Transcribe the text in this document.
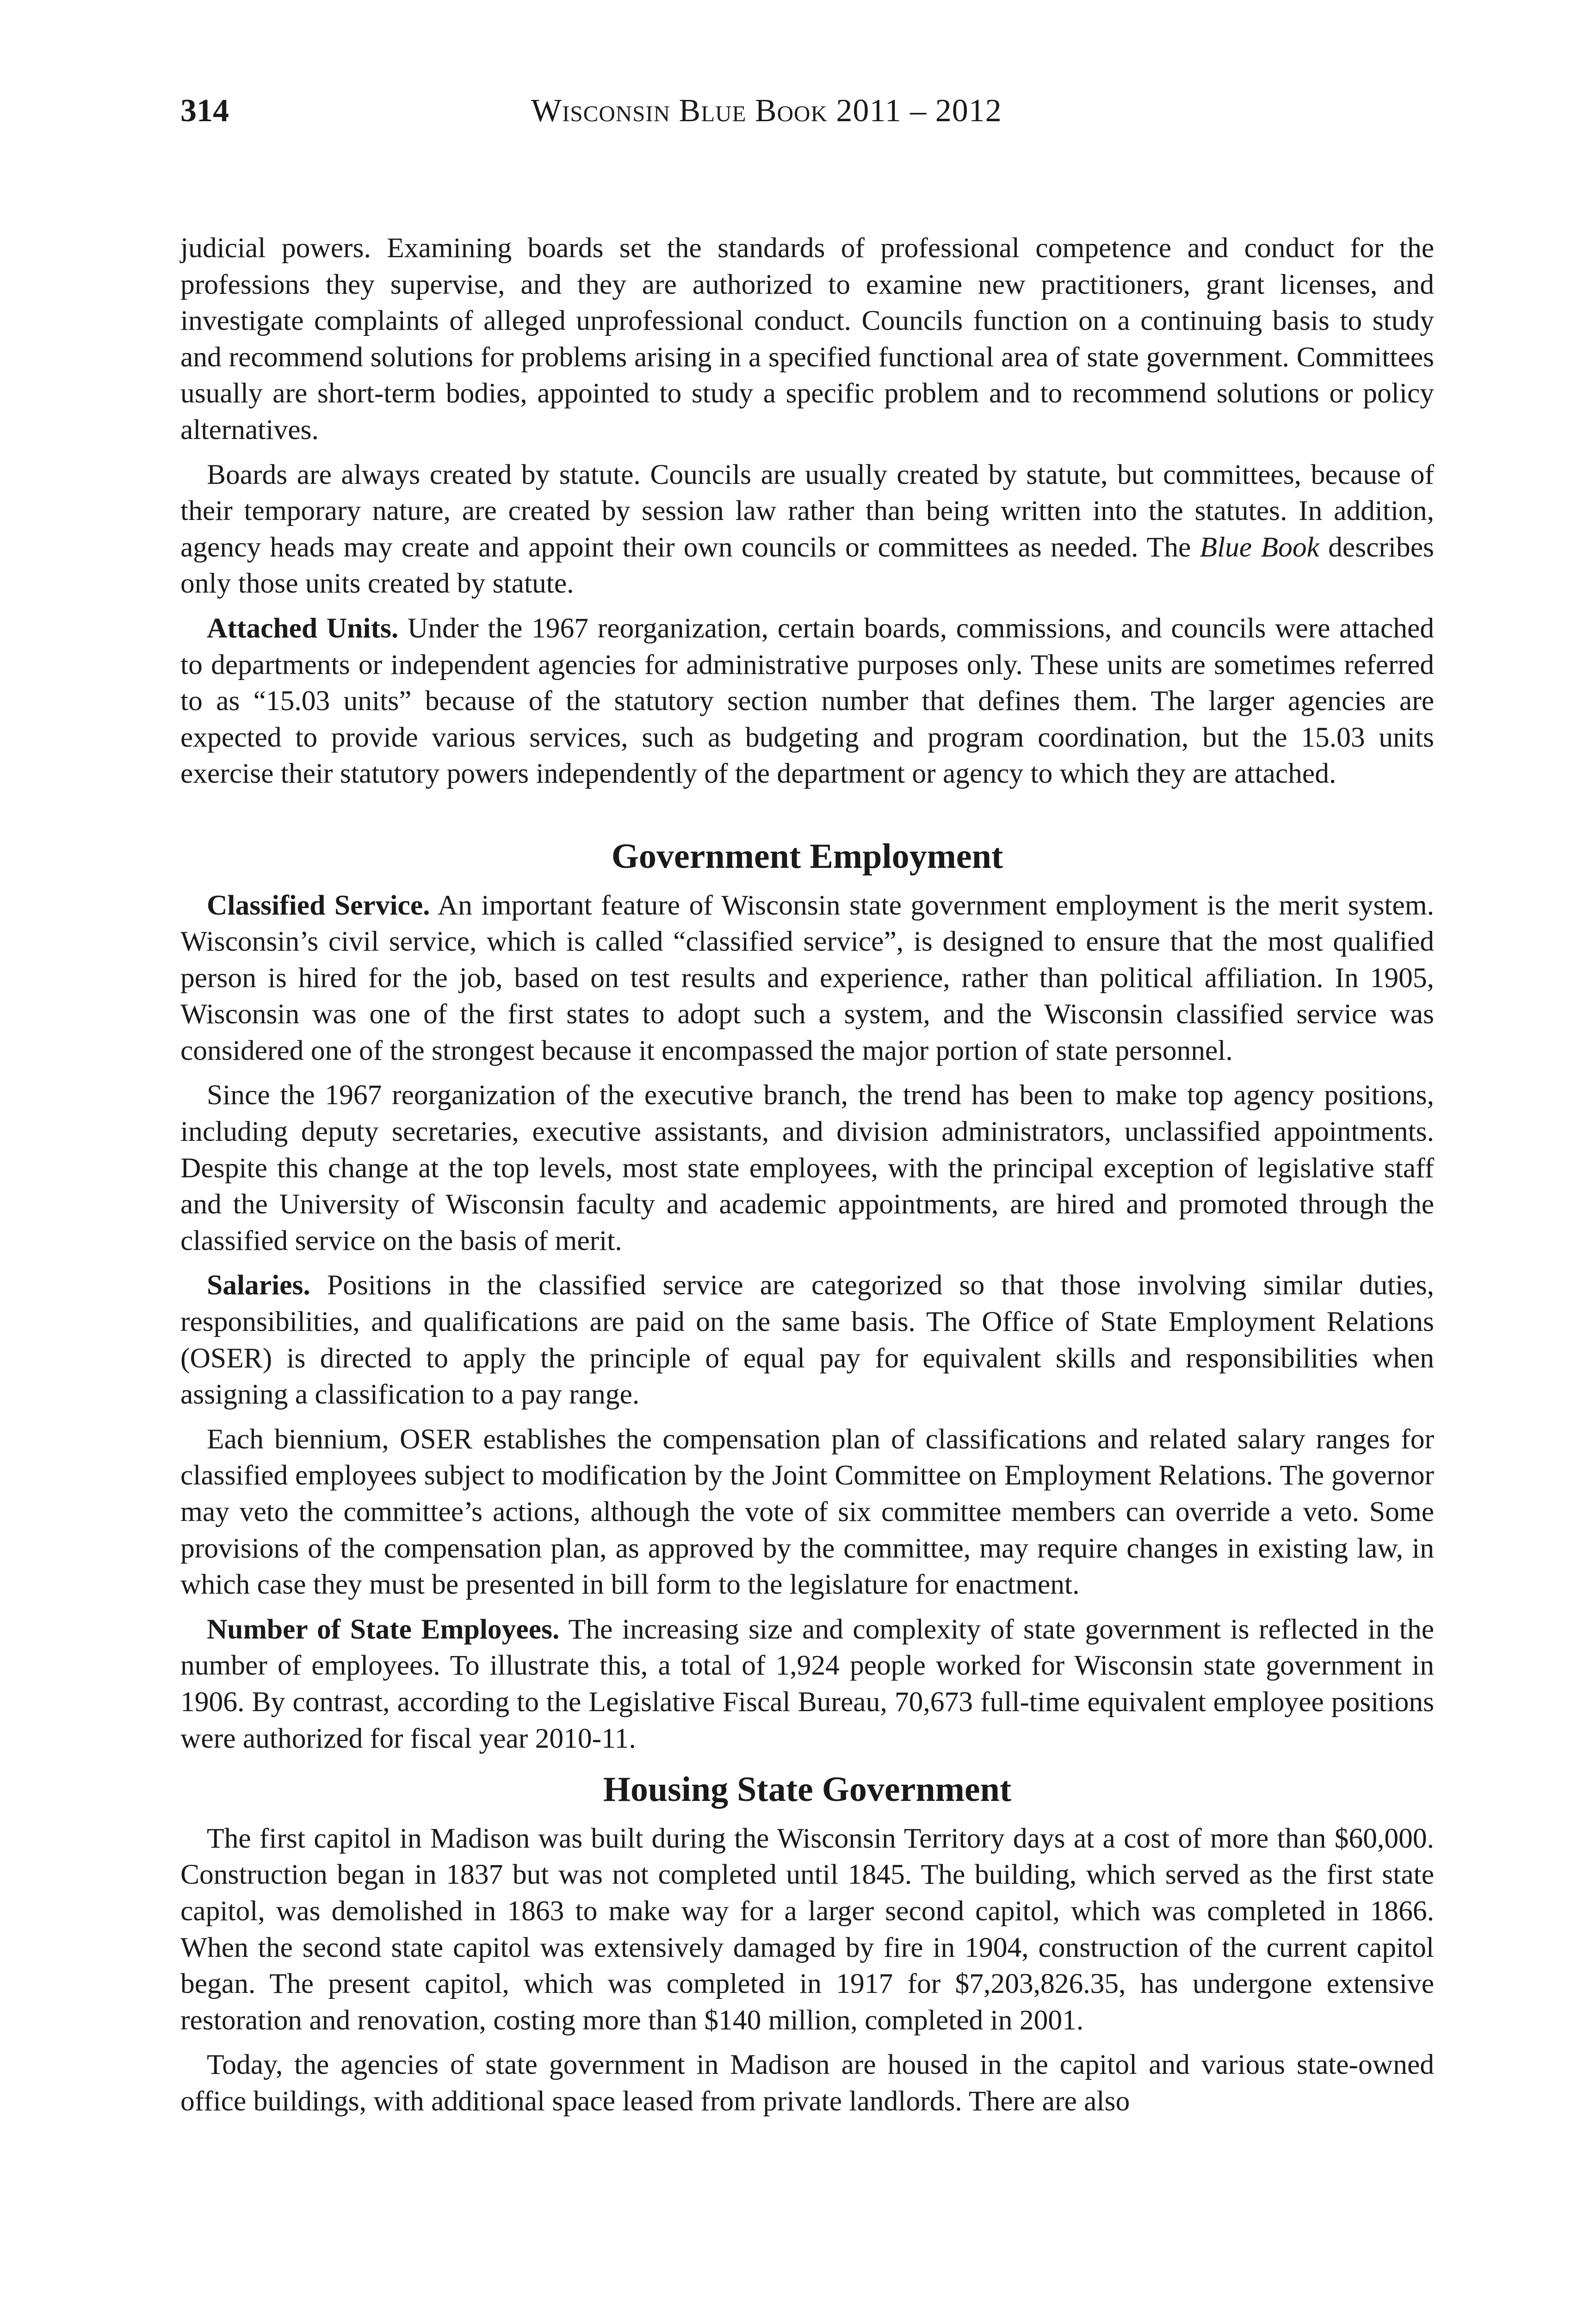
314	Wisconsin Blue Book 2011 – 2012

judicial powers. Examining boards set the standards of professional competence and conduct for the professions they supervise, and they are authorized to examine new practitioners, grant licenses, and investigate complaints of alleged unprofessional conduct. Councils function on a continuing basis to study and recommend solutions for problems arising in a specified functional area of state government. Committees usually are short-term bodies, appointed to study a specific problem and to recommend solutions or policy alternatives.

Boards are always created by statute. Councils are usually created by statute, but committees, because of their temporary nature, are created by session law rather than being written into the statutes. In addition, agency heads may create and appoint their own councils or committees as needed. The Blue Book describes only those units created by statute.

Attached Units. Under the 1967 reorganization, certain boards, commissions, and councils were attached to departments or independent agencies for administrative purposes only. These units are sometimes referred to as “15.03 units” because of the statutory section number that defines them. The larger agencies are expected to provide various services, such as budgeting and program coordination, but the 15.03 units exercise their statutory powers independently of the department or agency to which they are attached.

Government Employment

Classified Service. An important feature of Wisconsin state government employment is the merit system. Wisconsin’s civil service, which is called “classified service”, is designed to ensure that the most qualified person is hired for the job, based on test results and experience, rather than political affiliation. In 1905, Wisconsin was one of the first states to adopt such a system, and the Wisconsin classified service was considered one of the strongest because it encompassed the major portion of state personnel.

Since the 1967 reorganization of the executive branch, the trend has been to make top agency positions, including deputy secretaries, executive assistants, and division administrators, unclassified appointments. Despite this change at the top levels, most state employees, with the principal exception of legislative staff and the University of Wisconsin faculty and academic appointments, are hired and promoted through the classified service on the basis of merit.

Salaries. Positions in the classified service are categorized so that those involving similar duties, responsibilities, and qualifications are paid on the same basis. The Office of State Employment Relations (OSER) is directed to apply the principle of equal pay for equivalent skills and responsibilities when assigning a classification to a pay range.

Each biennium, OSER establishes the compensation plan of classifications and related salary ranges for classified employees subject to modification by the Joint Committee on Employment Relations. The governor may veto the committee’s actions, although the vote of six committee members can override a veto. Some provisions of the compensation plan, as approved by the committee, may require changes in existing law, in which case they must be presented in bill form to the legislature for enactment.

Number of State Employees. The increasing size and complexity of state government is reflected in the number of employees. To illustrate this, a total of 1,924 people worked for Wisconsin state government in 1906. By contrast, according to the Legislative Fiscal Bureau, 70,673 full-time equivalent employee positions were authorized for fiscal year 2010-11.

Housing State Government

The first capitol in Madison was built during the Wisconsin Territory days at a cost of more than $60,000. Construction began in 1837 but was not completed until 1845. The building, which served as the first state capitol, was demolished in 1863 to make way for a larger second capitol, which was completed in 1866. When the second state capitol was extensively damaged by fire in 1904, construction of the current capitol began. The present capitol, which was completed in 1917 for $7,203,826.35, has undergone extensive restoration and renovation, costing more than $140 million, completed in 2001.

Today, the agencies of state government in Madison are housed in the capitol and various state-owned office buildings, with additional space leased from private landlords. There are also
